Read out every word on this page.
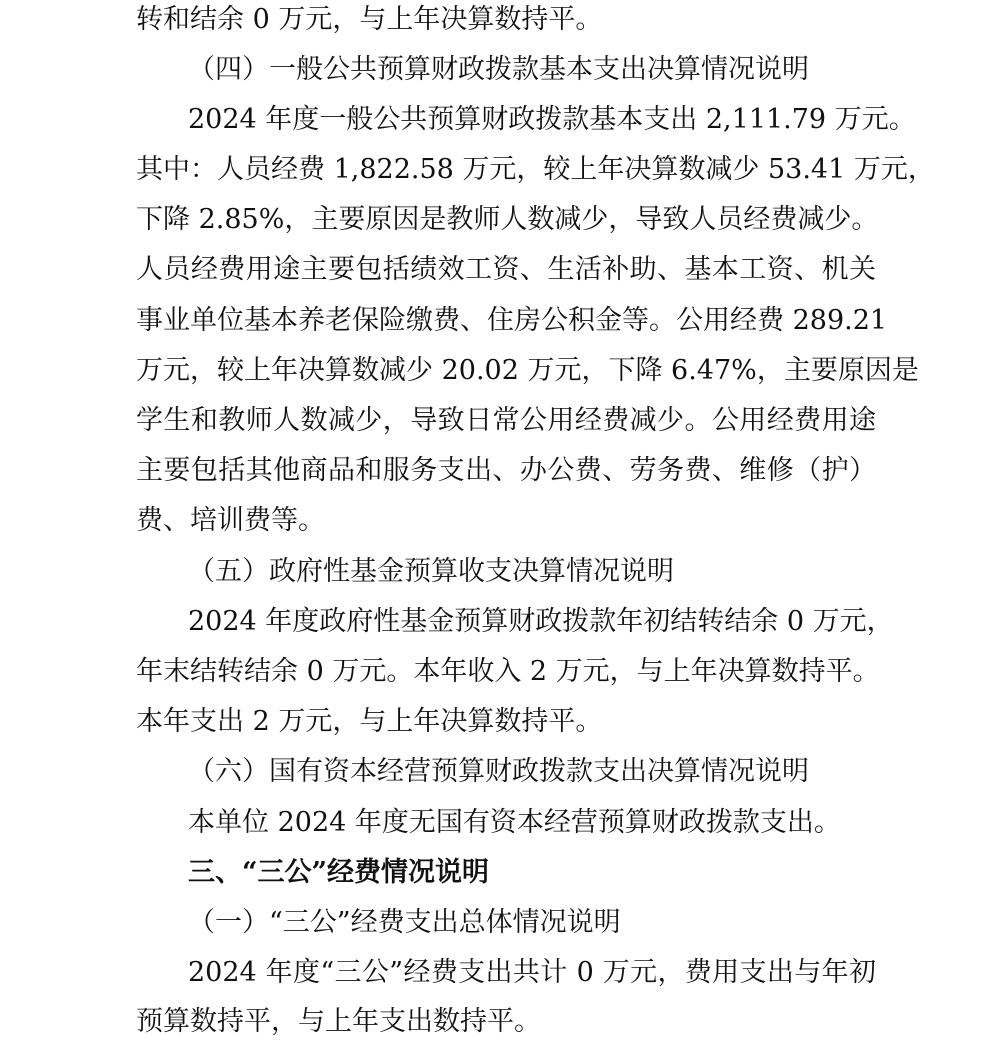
转和结余 0 万元，与上年决算数持平。
（四）一般公共预算财政拨款基本支出决算情况说明
2024 年度一般公共预算财政拨款基本支出 2,111.79 万元。
其中：人员经费 1,822.58 万元，较上年决算数减少 53.41 万元，
下降 2.85%，主要原因是教师人数减少，导致人员经费减少。
人员经费用途主要包括绩效工资、生活补助、基本工资、机关
事业单位基本养老保险缴费、住房公积金等。公用经费 289.21
万元，较上年决算数减少 20.02 万元，下降 6.47%，主要原因是
学生和教师人数减少，导致日常公用经费减少。公用经费用途
主要包括其他商品和服务支出、办公费、劳务费、维修（护）
费、培训费等。
（五）政府性基金预算收支决算情况说明
2024 年度政府性基金预算财政拨款年初结转结余 0 万元，
年末结转结余 0 万元。本年收入 2 万元，与上年决算数持平。
本年支出 2 万元，与上年决算数持平。
（六）国有资本经营预算财政拨款支出决算情况说明
本单位 2024 年度无国有资本经营预算财政拨款支出。
三、“三公”经费情况说明
（一）“三公”经费支出总体情况说明
2024 年度“三公”经费支出共计 0 万元，费用支出与年初
预算数持平，与上年支出数持平。
